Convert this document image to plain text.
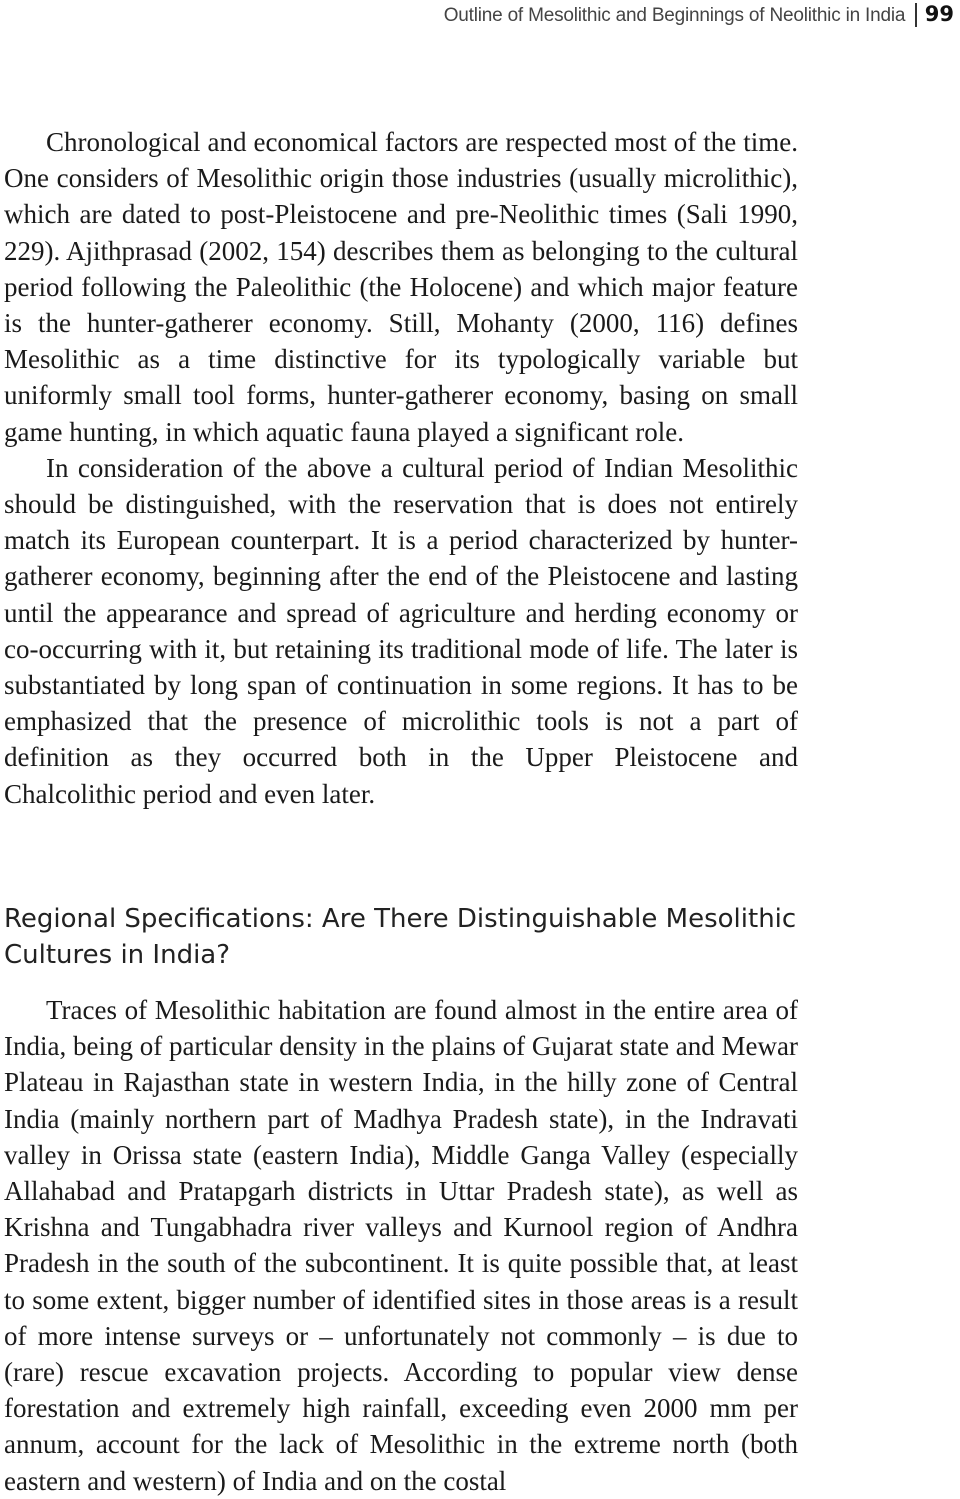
Outline of Mesolithic and Beginnings of Neolithic in India 99

Chronological and economical factors are respected most of the time. One considers of Mesolithic origin those industries (usually microlithic), which are dated to post-Pleistocene and pre-Neolithic times (Sali 1990, 229). Ajithprasad (2002, 154) describes them as belonging to the cultural period following the Paleolithic (the Holocene) and which major feature is the hunter-gatherer economy. Still, Mohanty (2000, 116) defines Mesolithic as a time distinctive for its typologically variable but uniformly small tool forms, hunter-gatherer economy, basing on small game hunting, in which aquatic fauna played a significant role.

In consideration of the above a cultural period of Indian Mesolithic should be distinguished, with the reservation that is does not entirely match its European counterpart. It is a period characterized by hunter-gatherer economy, beginning after the end of the Pleistocene and lasting until the appearance and spread of agriculture and herding economy or co-occurring with it, but retaining its traditional mode of life. The later is substantiated by long span of continuation in some regions. It has to be emphasized that the presence of microlithic tools is not a part of definition as they occurred both in the Upper Pleistocene and Chalcolithic period and even later.

Regional Specifications: Are There Distinguishable Mesolithic Cultures in India?

Traces of Mesolithic habitation are found almost in the entire area of India, being of particular density in the plains of Gujarat state and Mewar Plateau in Rajasthan state in western India, in the hilly zone of Central India (mainly northern part of Madhya Pradesh state), in the Indravati valley in Orissa state (eastern India), Middle Ganga Valley (especially Allahabad and Pratapgarh districts in Uttar Pradesh state), as well as Krishna and Tungabhadra river valleys and Kurnool region of Andhra Pradesh in the south of the subcontinent. It is quite possible that, at least to some extent, bigger number of identified sites in those areas is a result of more intense surveys or – unfortunately not commonly – is due to (rare) rescue excavation projects. According to popular view dense forestation and extremely high rainfall, exceeding even 2000 mm per annum, account for the lack of Mesolithic in the extreme north (both eastern and western) of India and on the costal
